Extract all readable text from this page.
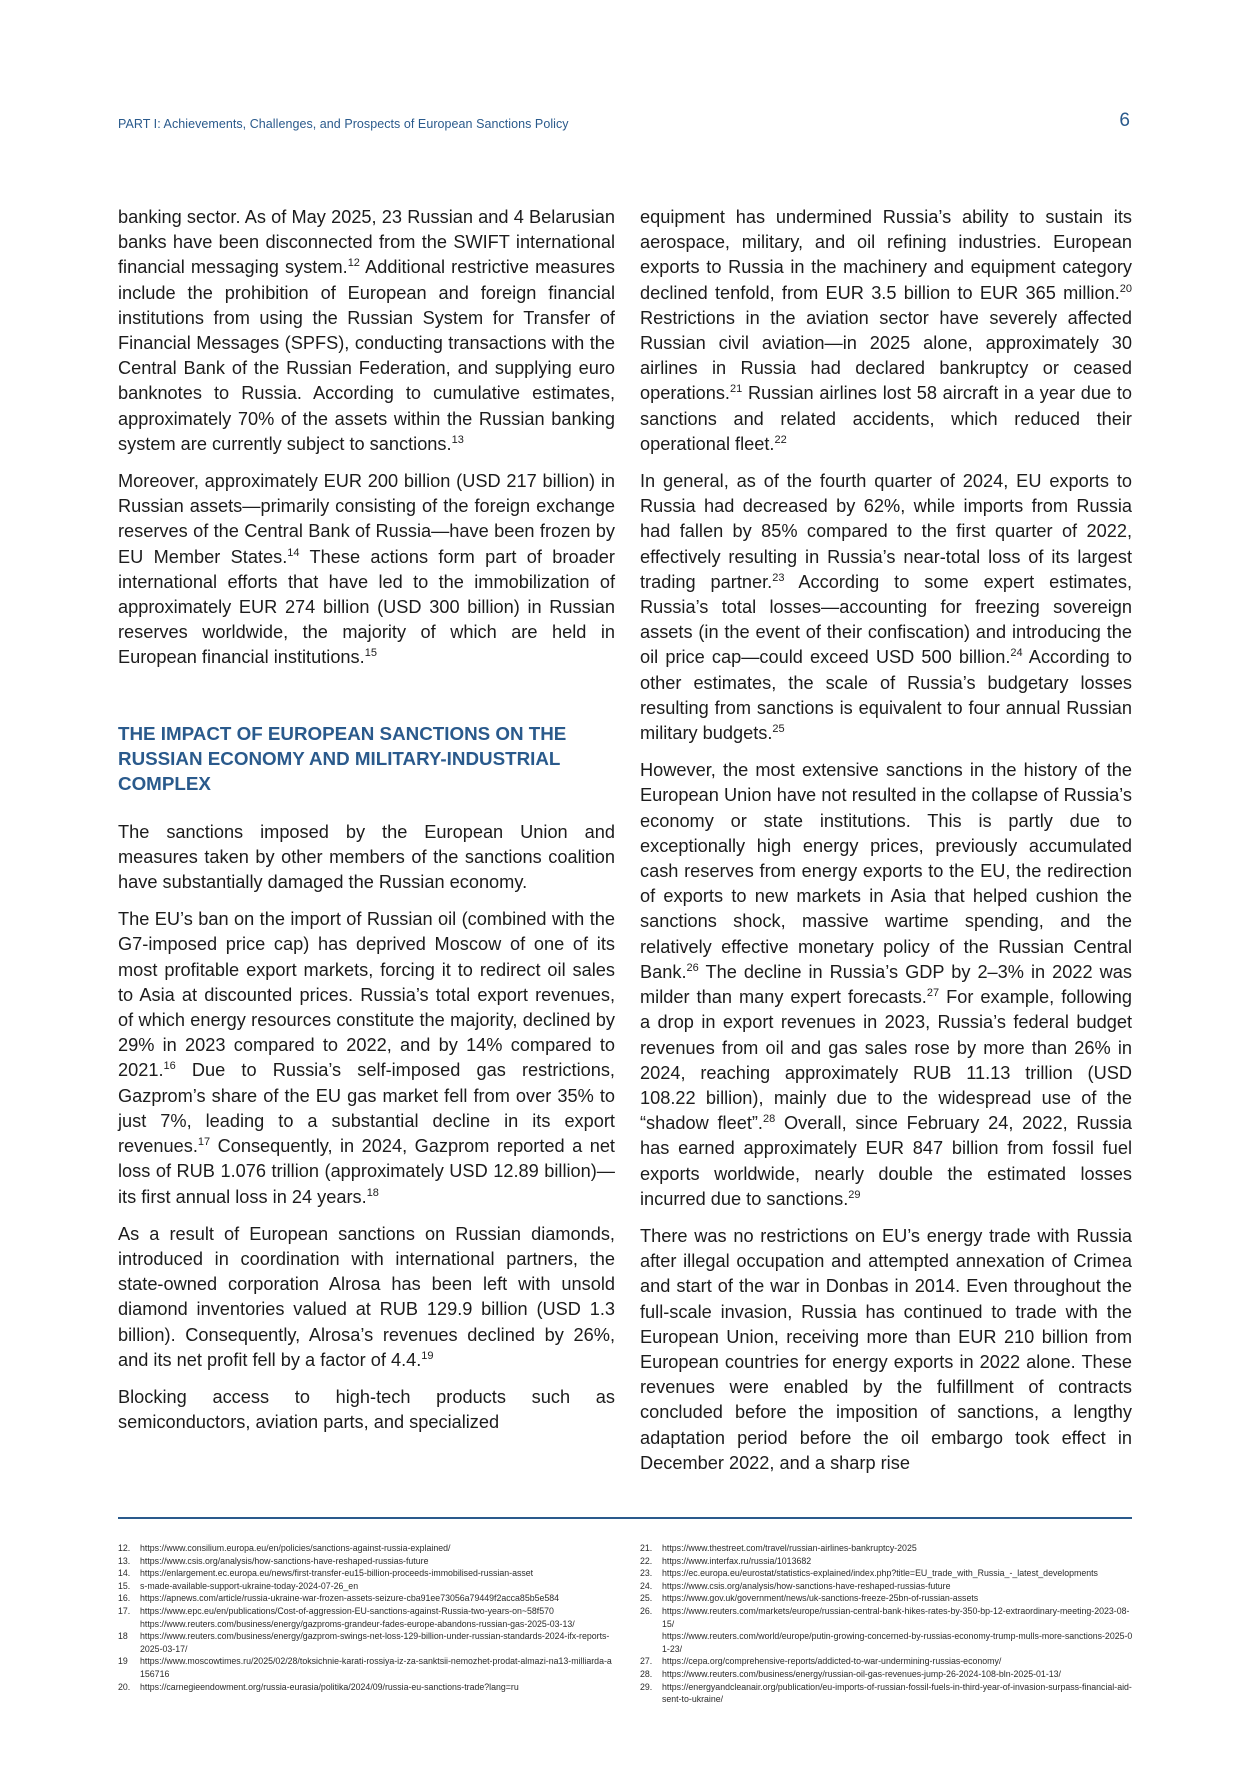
PART I: Achievements, Challenges, and Prospects of European Sanctions Policy	6

banking sector. As of May 2025, 23 Russian and 4 Belarusian banks have been disconnected from the SWIFT international financial messaging system.$^{12}$ Additional restrictive measures include the prohibition of European and foreign financial institutions from using the Russian System for Transfer of Financial Messages (SPFS), conducting transactions with the Central Bank of the Russian Federation, and supplying euro banknotes to Russia. According to cumulative estimates, approximately 70% of the assets within the Russian banking system are currently subject to sanctions.$^{13}$

Moreover, approximately EUR 200 billion (USD 217 billion) in Russian assets—primarily consisting of the foreign exchange reserves of the Central Bank of Russia—have been frozen by EU Member States.$^{14}$ These actions form part of broader international efforts that have led to the immobilization of approximately EUR 274 billion (USD 300 billion) in Russian reserves worldwide, the majority of which are held in European financial institutions.$^{15}$

THE IMPACT OF EUROPEAN SANCTIONS ON THE RUSSIAN ECONOMY AND MILITARY-INDUSTRIAL COMPLEX

The sanctions imposed by the European Union and measures taken by other members of the sanctions coalition have substantially damaged the Russian economy.

The EU’s ban on the import of Russian oil (combined with the G7-imposed price cap) has deprived Moscow of one of its most profitable export markets, forcing it to redirect oil sales to Asia at discounted prices. Russia’s total export revenues, of which energy resources constitute the majority, declined by 29% in 2023 compared to 2022, and by 14% compared to 2021.16 Due to Russia’s self-imposed gas restrictions, Gazprom’s share of the EU gas market fell from over 35% to just 7%, leading to a substantial decline in its export revenues.$^{17}$ Consequently, in 2024, Gazprom reported a net loss of RUB 1.076 trillion (approximately USD 12.89 billion)—its first annual loss in 24 years.$^{18}$

As a result of European sanctions on Russian diamonds, introduced in coordination with international partners, the state-owned corporation Alrosa has been left with unsold diamond inventories valued at RUB 129.9 billion (USD 1.3 billion). Consequently, Alrosa’s revenues declined by 26%, and its net profit fell by a factor of 4.4.19

Blocking access to high-tech products such as semiconductors, aviation parts, and specialized

equipment has undermined Russia’s ability to sustain its aerospace, military, and oil refining industries. European exports to Russia in the machinery and equipment category declined tenfold, from EUR 3.5 billion to EUR 365 million.$^{20}$ Restrictions in the aviation sector have severely affected Russian civil aviation—in 2025 alone, approximately 30 airlines in Russia had declared bankruptcy or ceased operations.$^{21}$ Russian airlines lost 58 aircraft in a year due to sanctions and related accidents, which reduced their operational fleet.$^{22}$

In general, as of the fourth quarter of 2024, EU exports to Russia had decreased by 62%, while imports from Russia had fallen by 85% compared to the first quarter of 2022, effectively resulting in Russia’s near-total loss of its largest trading partner.$^{23}$ According to some expert estimates, Russia’s total losses—accounting for freezing sovereign assets (in the event of their confiscation) and introducing the oil price cap—could exceed USD 500 billion.$^{24}$ According to other estimates, the scale of Russia’s budgetary losses resulting from sanctions is equivalent to four annual Russian military budgets.$^{25}$

However, the most extensive sanctions in the history of the European Union have not resulted in the collapse of Russia’s economy or state institutions. This is partly due to exceptionally high energy prices, previously accumulated cash reserves from energy exports to the EU, the redirection of exports to new markets in Asia that helped cushion the sanctions shock, massive wartime spending, and the relatively effective monetary policy of the Russian Central Bank.$^{26}$ The decline in Russia’s GDP by 2–3% in 2022 was milder than many expert forecasts.$^{27}$ For example, following a drop in export revenues in 2023, Russia’s federal budget revenues from oil and gas sales rose by more than 26% in 2024, reaching approximately RUB 11.13 trillion (USD 108.22 billion), mainly due to the widespread use of the “shadow fleet”.$^{28}$ Overall, since February 24, 2022, Russia has earned approximately EUR 847 billion from fossil fuel exports worldwide, nearly double the estimated losses incurred due to sanctions.$^{29}$

There was no restrictions on EU’s energy trade with Russia after illegal occupation and attempted annexation of Crimea and start of the war in Donbas in 2014. Even throughout the full-scale invasion, Russia has continued to trade with the European Union, receiving more than EUR 210 billion from European countries for energy exports in 2022 alone. These revenues were enabled by the fulfillment of contracts concluded before the imposition of sanctions, a lengthy adaptation period before the oil embargo took effect in December 2022, and a sharp rise

12.	https://www.consilium.europa.eu/en/policies/sanctions-against-russia-explained/
13.	https://www.csis.org/analysis/how-sanctions-have-reshaped-russias-future
14.	https://enlargement.ec.europa.eu/news/first-transfer-eu15-billion-proceeds-immobilised-russian-asset
15.	s-made-available-support-ukraine-today-2024-07-26_en
16.	https://apnews.com/article/russia-ukraine-war-frozen-assets-seizure-cba91ee73056a79449f2acca85b5e584
17.	https://www.epc.eu/en/publications/Cost-of-aggression-EU-sanctions-against-Russia-two-years-on~58f570
https://www.reuters.com/business/energy/gazproms-grandeur-fades-europe-abandons-russian-gas-2025-03-13/
18	https://www.reuters.com/business/energy/gazprom-swings-net-loss-129-billion-under-russian-standards-2024-ifx-reports-2025-03-17/
19	https://www.moscowtimes.ru/2025/02/28/toksichnie-karati-rossiya-iz-za-sanktsii-nemozhet-prodat-almazi-na13-milliarda-a156716
20.	https://carnegieendowment.org/russia-eurasia/politika/2024/09/russia-eu-sanctions-trade?lang=ru
21.	https://www.thestreet.com/travel/russian-airlines-bankruptcy-2025
22.	https://www.interfax.ru/russia/1013682
23.	https://ec.europa.eu/eurostat/statistics-explained/index.php?title=EU_trade_with_Russia_-_latest_developments
24.	https://www.csis.org/analysis/how-sanctions-have-reshaped-russias-future
25.	https://www.gov.uk/government/news/uk-sanctions-freeze-25bn-of-russian-assets
26.	https://www.reuters.com/markets/europe/russian-central-bank-hikes-rates-by-350-bp-12-extraordinary-meeting-2023-08-15/
https://www.reuters.com/world/europe/putin-growing-concerned-by-russias-economy-trump-mulls-more-sanctions-2025-01-23/
27.	https://cepa.org/comprehensive-reports/addicted-to-war-undermining-russias-economy/
28.	https://www.reuters.com/business/energy/russian-oil-gas-revenues-jump-26-2024-108-bln-2025-01-13/
29.	https://energyandcleanair.org/publication/eu-imports-of-russian-fossil-fuels-in-third-year-of-invasion-surpass-financial-aid-sent-to-ukraine/
